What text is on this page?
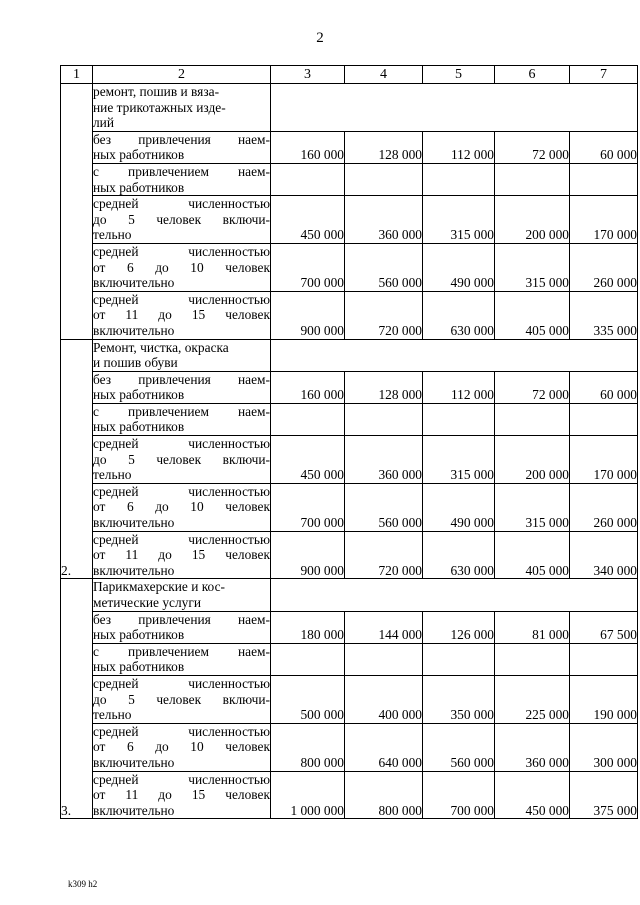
2
1	2	3	4	5	6	7

	ремонт, пошив и вяза-
ние трикотажных изде-
лий					

	без привлечения наем-
ных работников	160 000	128 000	112 000	72 000	60 000

	с привлечением наем-
ных работников					

	средней численностью
до 5 человек включи-
тельно	450 000	360 000	315 000	200 000	170 000

	средней численностью
от 6 до 10 человек
включительно	700 000	560 000	490 000	315 000	260 000

	средней численностью
от 11 до 15 человек
включительно	900 000	720 000	630 000	405 000	335 000
2.	Ремонт, чистка, окраска
и пошив обуви					

	без привлечения наем-
ных работников	160 000	128 000	112 000	72 000	60 000

	с привлечением наем-
ных работников					

	средней численностью
до 5 человек включи-
тельно	450 000	360 000	315 000	200 000	170 000

	средней численностью
от 6 до 10 человек
включительно	700 000	560 000	490 000	315 000	260 000

	средней численностью
от 11 до 15 человек
включительно	900 000	720 000	630 000	405 000	340 000
3.	Парикмахерские и кос-
метические услуги					

	без привлечения наем-
ных работников	180 000	144 000	126 000	81 000	67 500

	с привлечением наем-
ных работников					

	средней численностью
до 5 человек включи-
тельно	500 000	400 000	350 000	225 000	190 000

	средней численностью
от 6 до 10 человек
включительно	800 000	640 000	560 000	360 000	300 000

	средней численностью
от 11 до 15 человек
включительно	1 000 000	800 000	700 000	450 000	375 000
k309 h2
